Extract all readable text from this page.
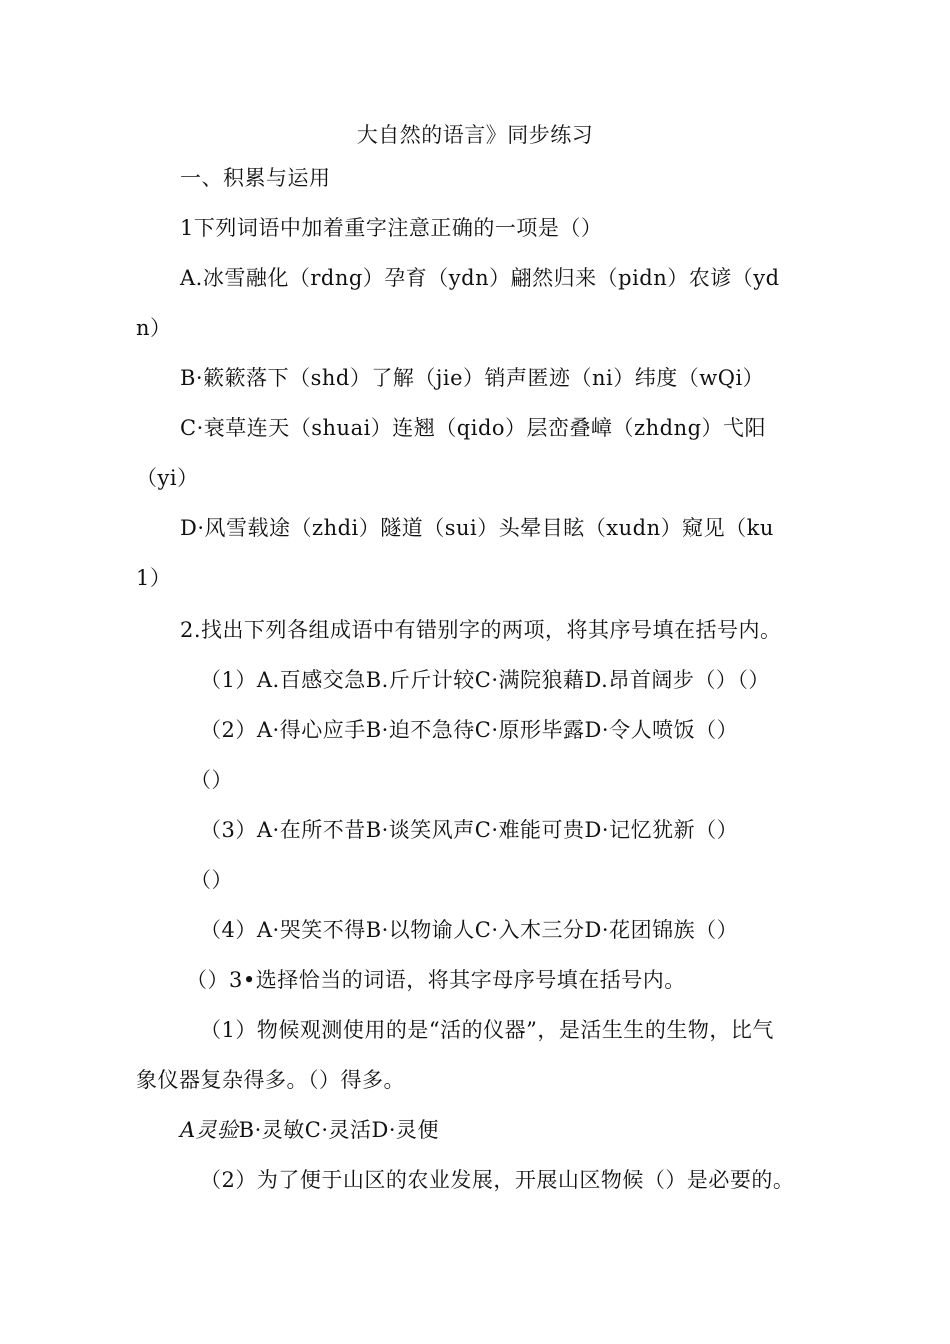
大自然的语言》同步练习
一、积累与运用
1下列词语中加着重字注意正确的一项是（）
A.冰雪融化（rdng）孕育（ydn）翩然归来（pidn）农谚（yd
n）
B·簌簌落下（shd）了解（jie）销声匿迹（ni）纬度（wQi）
C·衰草连天（shuai）连翘（qido）层峦叠嶂（zhdng）弋阳
（yi）
D·风雪载途（zhdi）隧道（sui）头晕目眩（xudn）窥见（ku
1）
2.找出下列各组成语中有错别字的两项，将其序号填在括号内。
（1）A.百感交急B.斤斤计较C·满院狼藉D.昂首阔步（）（）
（2）A·得心应手B·迫不急待C·原形毕露D·令人喷饭（）
（）
（3）A·在所不昔B·谈笑风声C·难能可贵D·记忆犹新（）
（）
（4）A·哭笑不得B·以物谕人C·入木三分D·花团锦族（）
（）3•选择恰当的词语，将其字母序号填在括号内。
（1）物候观测使用的是“活的仪器”，是活生生的生物，比气
象仪器复杂得多。（）得多。
A灵验B·灵敏C·灵活D·灵便
（2）为了便于山区的农业发展，开展山区物候（）是必要的。
